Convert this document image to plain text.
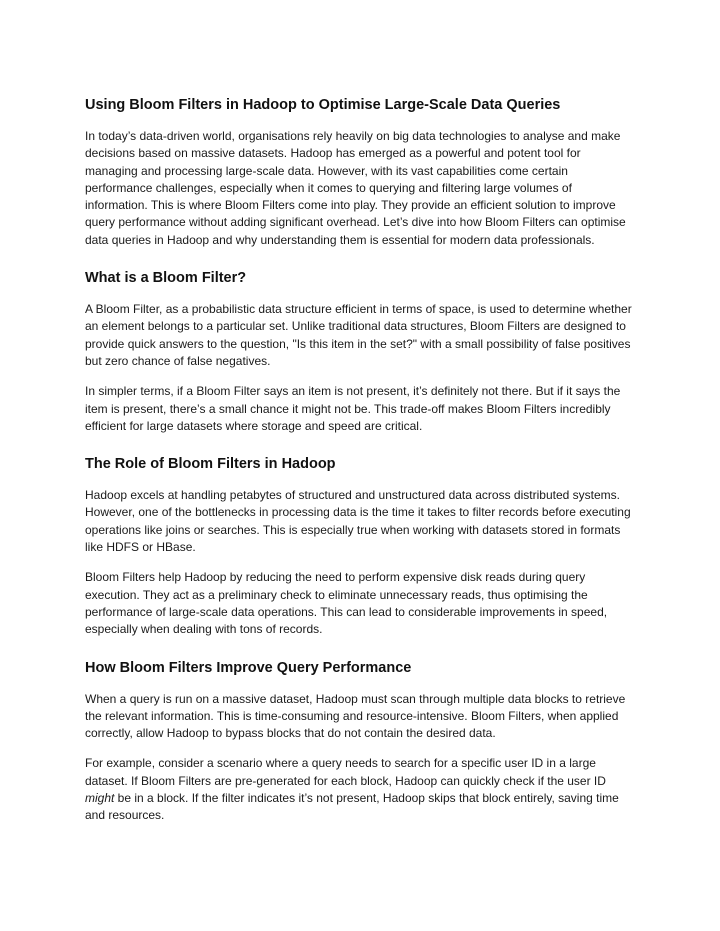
Using Bloom Filters in Hadoop to Optimise Large-Scale Data Queries

In today’s data-driven world, organisations rely heavily on big data technologies to analyse and make decisions based on massive datasets. Hadoop has emerged as a powerful and potent tool for managing and processing large-scale data. However, with its vast capabilities come certain performance challenges, especially when it comes to querying and filtering large volumes of information. This is where Bloom Filters come into play. They provide an efficient solution to improve query performance without adding significant overhead. Let’s dive into how Bloom Filters can optimise data queries in Hadoop and why understanding them is essential for modern data professionals.

What is a Bloom Filter?

A Bloom Filter, as a probabilistic data structure efficient in terms of space, is used to determine whether an element belongs to a particular set. Unlike traditional data structures, Bloom Filters are designed to provide quick answers to the question, "Is this item in the set?" with a small possibility of false positives but zero chance of false negatives.

In simpler terms, if a Bloom Filter says an item is not present, it’s definitely not there. But if it says the item is present, there’s a small chance it might not be. This trade-off makes Bloom Filters incredibly efficient for large datasets where storage and speed are critical.

The Role of Bloom Filters in Hadoop

Hadoop excels at handling petabytes of structured and unstructured data across distributed systems. However, one of the bottlenecks in processing data is the time it takes to filter records before executing operations like joins or searches. This is especially true when working with datasets stored in formats like HDFS or HBase.

Bloom Filters help Hadoop by reducing the need to perform expensive disk reads during query execution. They act as a preliminary check to eliminate unnecessary reads, thus optimising the performance of large-scale data operations. This can lead to considerable improvements in speed, especially when dealing with tons of records.

How Bloom Filters Improve Query Performance

When a query is run on a massive dataset, Hadoop must scan through multiple data blocks to retrieve the relevant information. This is time-consuming and resource-intensive. Bloom Filters, when applied correctly, allow Hadoop to bypass blocks that do not contain the desired data.

For example, consider a scenario where a query needs to search for a specific user ID in a large dataset. If Bloom Filters are pre-generated for each block, Hadoop can quickly check if the user ID might be in a block. If the filter indicates it’s not present, Hadoop skips that block entirely, saving time and resources.
